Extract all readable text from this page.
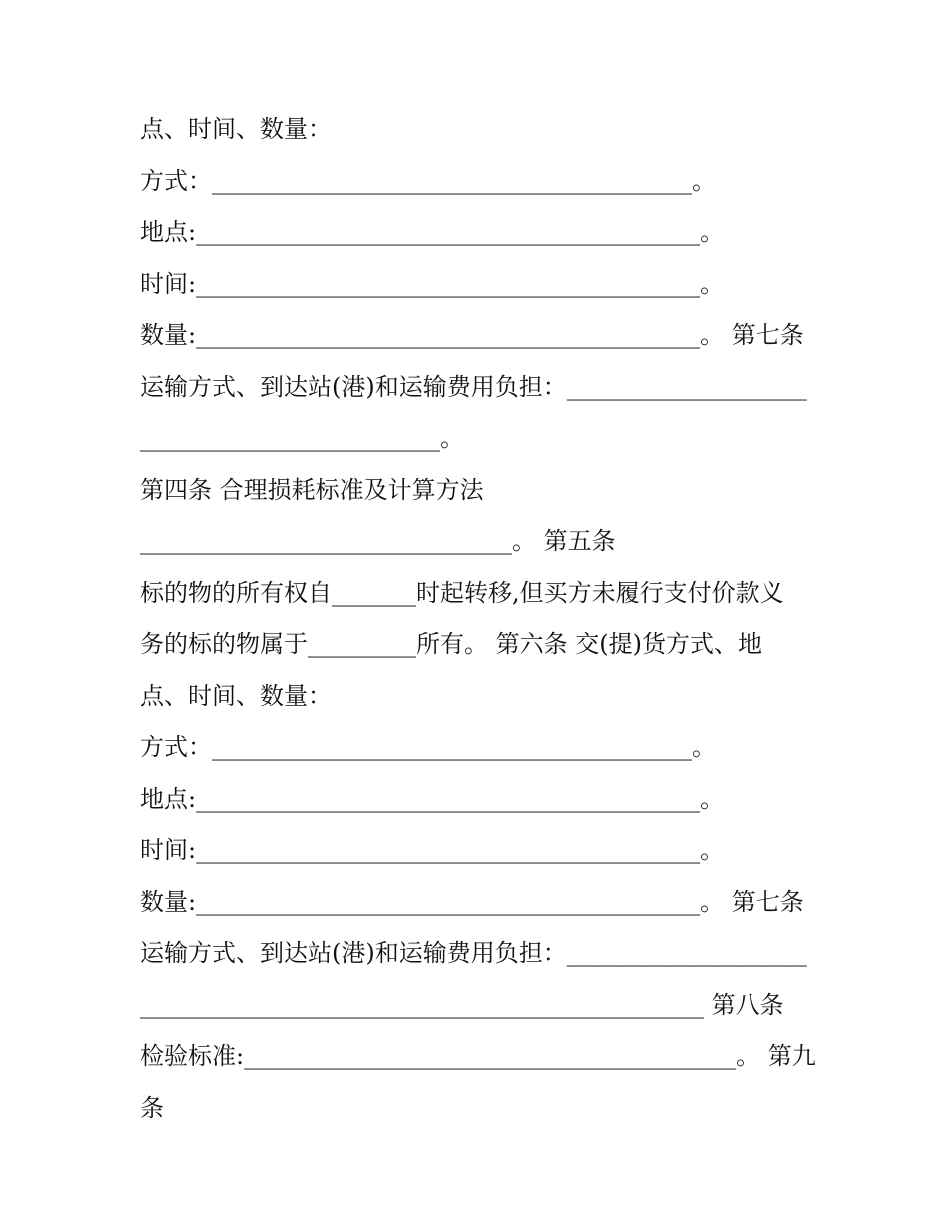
点、时间、数量：
方式：________________________________________。
地点:__________________________________________。
时间:__________________________________________。
数量:__________________________________________。 第七条
运输方式、到达站(港)和运输费用负担：____________________
_________________________。
第四条 合理损耗标准及计算方法
_______________________________。 第五条
标的物的所有权自_______时起转移,但买方未履行支付价款义
务的标的物属于_________所有。 第六条 交(提)货方式、地
点、时间、数量：
方式：________________________________________。
地点:__________________________________________。
时间:__________________________________________。
数量:__________________________________________。 第七条
运输方式、到达站(港)和运输费用负担：____________________
_______________________________________________ 第八条
检验标准:_________________________________________。 第九
条
